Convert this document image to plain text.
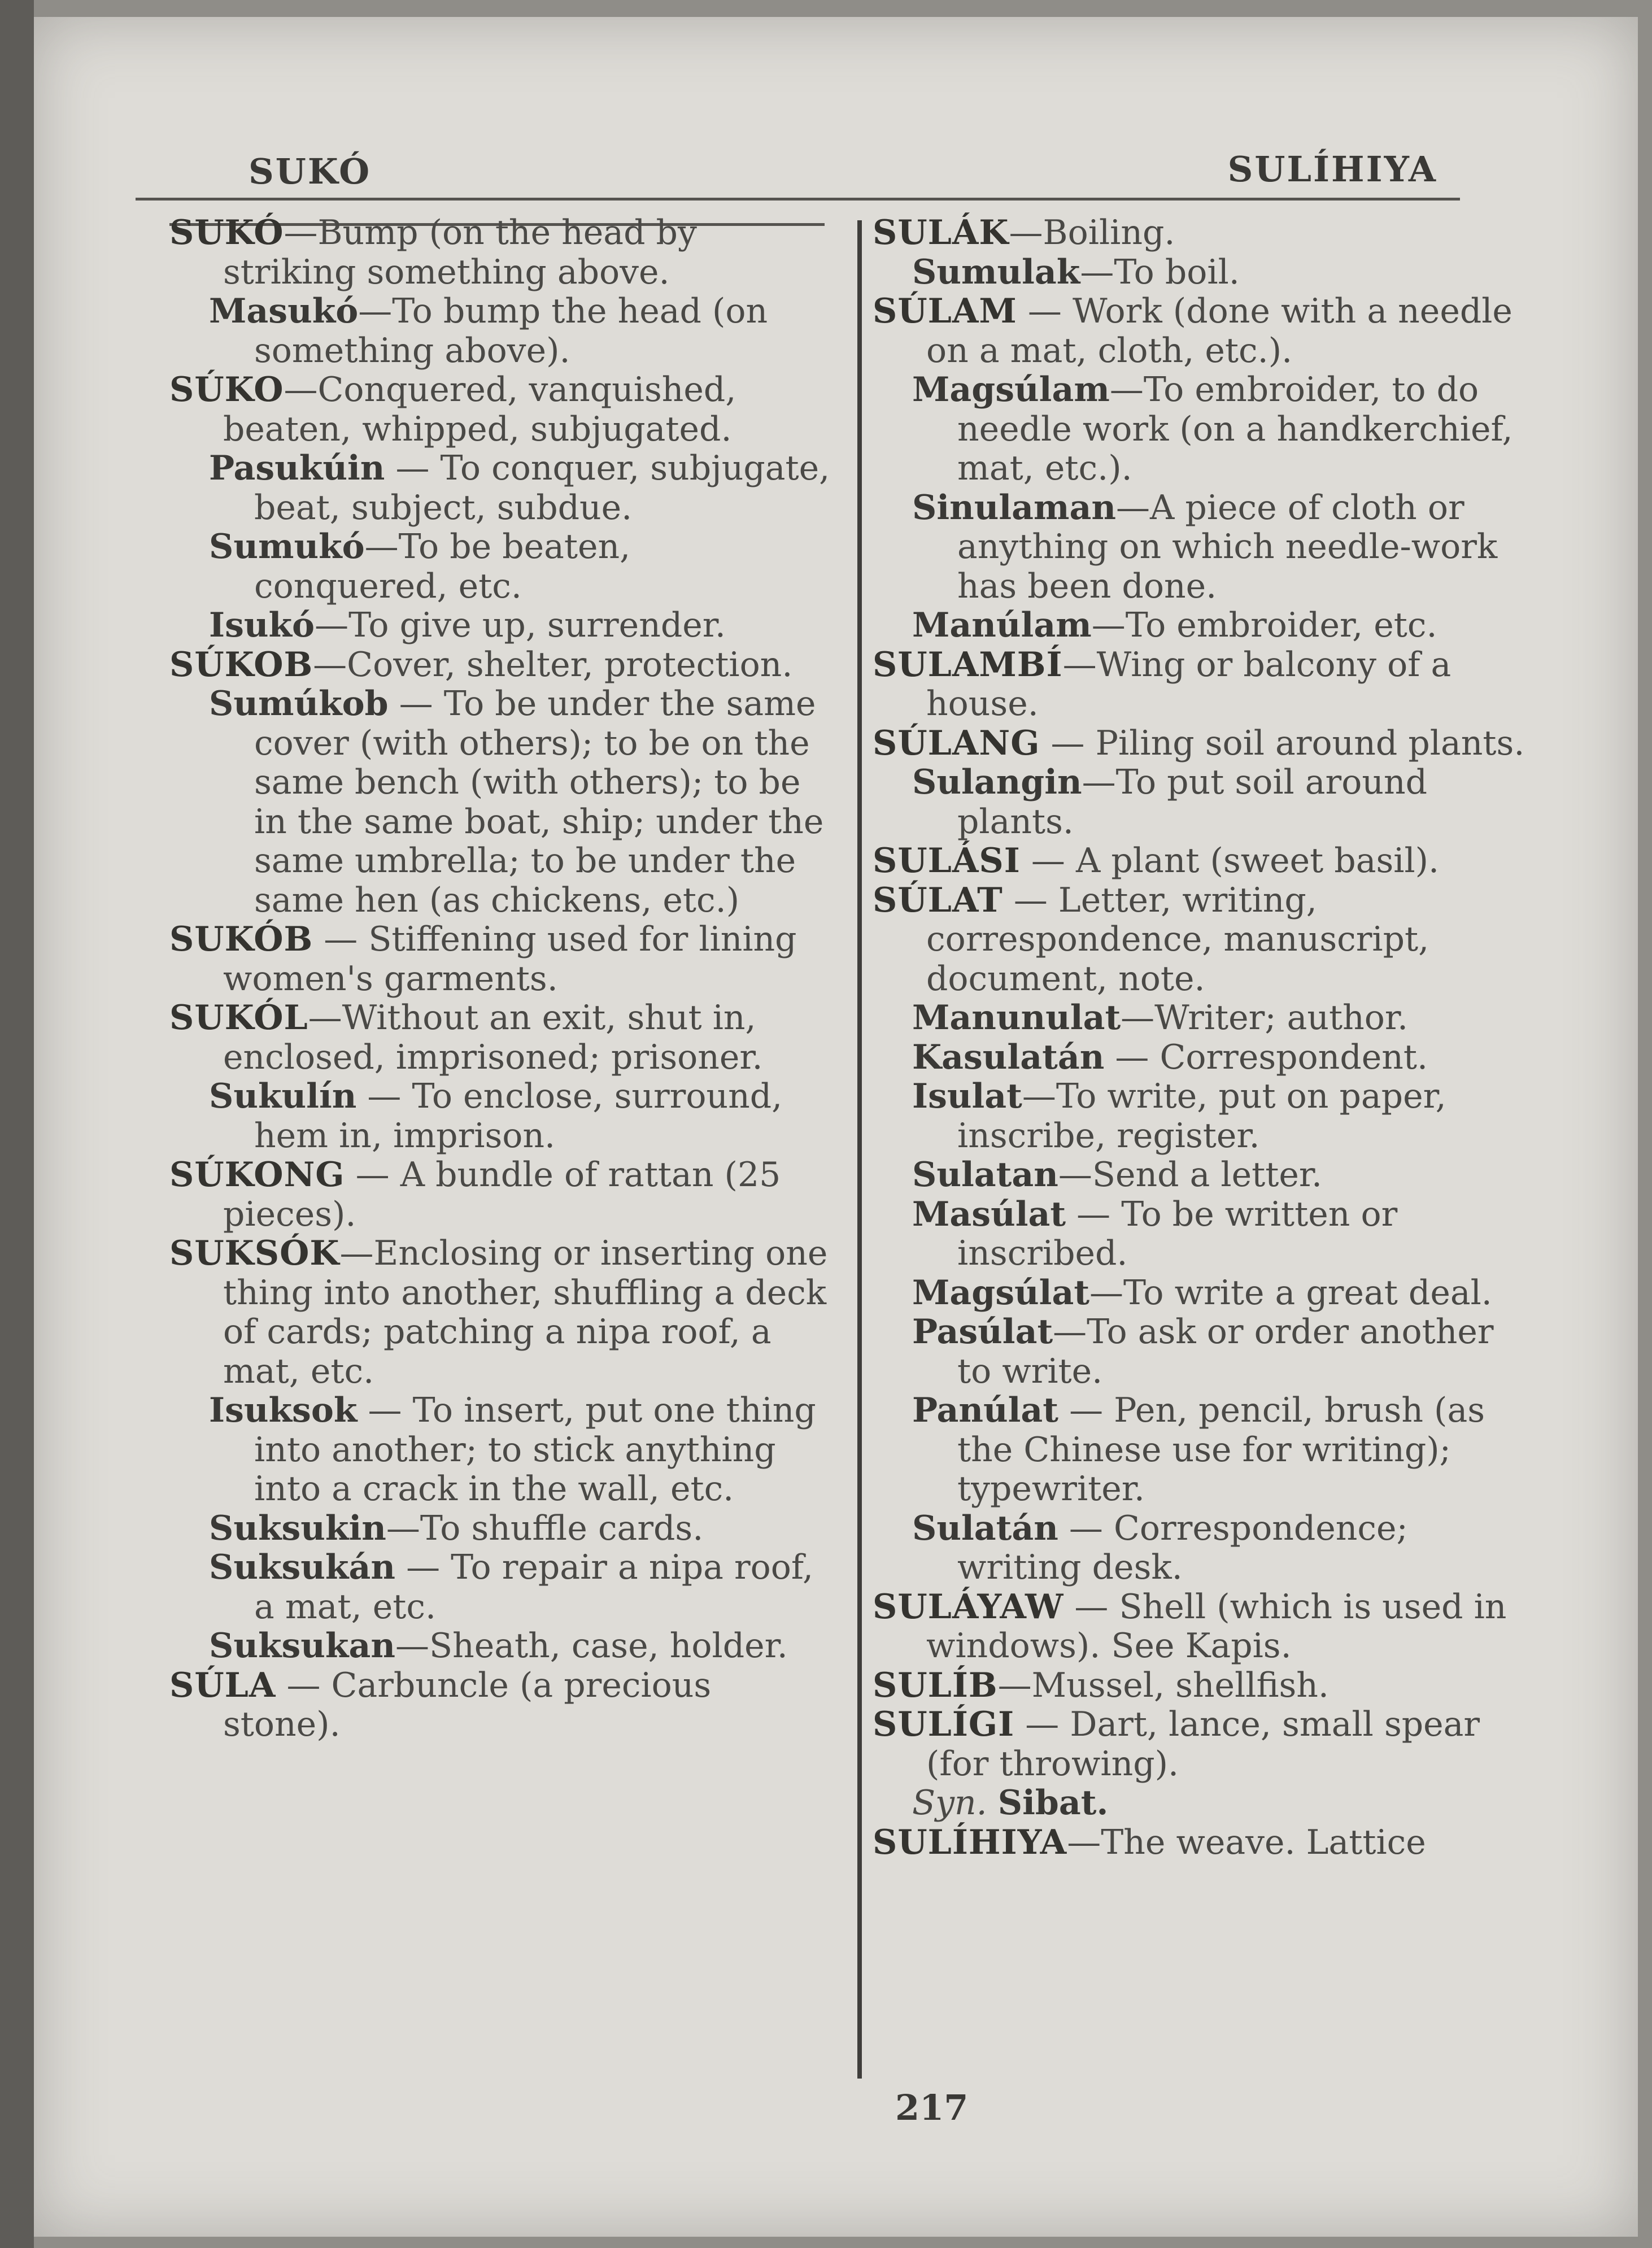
SUKÓ	SULÍHIYA

SUKÓ—Bump (on the head by striking something above.

Masukó—To bump the head (on something above).

SÚKO—Conquered, vanquished, beaten, whipped, subjugated.

Pasukúin — To conquer, subjugate, beat, subject, subdue.

Sumukó—To be beaten, conquered, etc.

Isukó—To give up, surrender.

SÚKOB—Cover, shelter, protection.

Sumúkob — To be under the same cover (with others); to be on the same bench (with others); to be in the same boat, ship; under the same umbrella; to be under the same hen (as chickens, etc.)

SUKÓB — Stiffening used for lining women's garments.

SUKÓL—Without an exit, shut in, enclosed, imprisoned; prisoner.

Sukulín — To enclose, surround, hem in, imprison.

SÚKONG — A bundle of rattan (25 pieces).

SUKSÓK—Enclosing or inserting one thing into another, shuffling a deck of cards; patching a nipa roof, a mat, etc.

Isuksok — To insert, put one thing into another; to stick anything into a crack in the wall, etc.

Suksukin—To shuffle cards.

Suksukán — To repair a nipa roof, a mat, etc.

Suksukan—Sheath, case, holder.

SÚLA — Carbuncle (a precious stone).

SULÁK—Boiling.

Sumulak—To boil.

SÚLAM — Work (done with a needle on a mat, cloth, etc.).

Magsúlam—To embroider, to do needle work (on a handkerchief, mat, etc.).

Sinulaman—A piece of cloth or anything on which needle-work has been done.

Manúlam—To embroider, etc.

SULAMBÍ—Wing or balcony of a house.

SÚLANG — Piling soil around plants.

Sulangin—To put soil around plants.

SULÁSI — A plant (sweet basil).

SÚLAT — Letter, writing, correspondence, manuscript, document, note.

Manunulat—Writer; author.

Kasulatán — Correspondent.

Isulat—To write, put on paper, inscribe, register.

Sulatan—Send a letter.

Masúlat — To be written or inscribed.

Magsúlat—To write a great deal.

Pasúlat—To ask or order another to write.

Panúlat — Pen, pencil, brush (as the Chinese use for writing); typewriter.

Sulatán — Correspondence; writing desk.

SULÁYAW — Shell (which is used in windows). See Kapis.

SULÍB—Mussel, shellfish.

SULÍGI — Dart, lance, small spear (for throwing).

Syn. Sibat.

SULÍHIYA—The weave. Lattice

217
